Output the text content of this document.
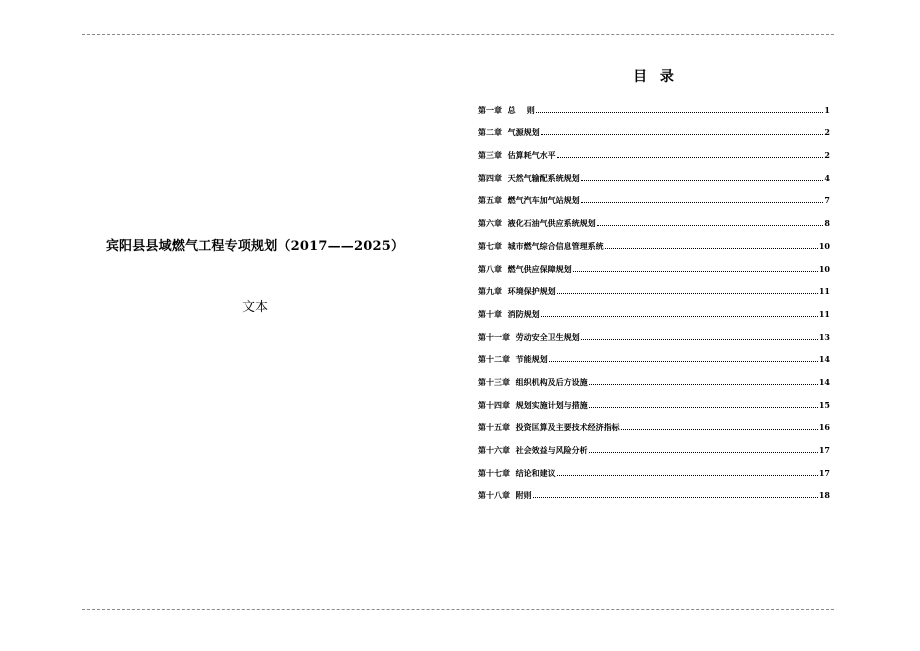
宾阳县县域燃气工程专项规划（2017——2025）
文本
目  录
第一章  总    则	1
第二章  气源规划	2
第三章  估算耗气水平	2
第四章  天然气输配系统规划	4
第五章  燃气汽车加气站规划	7
第六章  液化石油气供应系统规划	8
第七章  城市燃气综合信息管理系统	10
第八章  燃气供应保障规划	10
第九章  环境保护规划	11
第十章  消防规划	11
第十一章  劳动安全卫生规划	13
第十二章  节能规划	14
第十三章  组织机构及后方设施	14
第十四章  规划实施计划与措施	15
第十五章  投资匡算及主要技术经济指标	16
第十六章  社会效益与风险分析	17
第十七章  结论和建议	17
第十八章  附则	18
